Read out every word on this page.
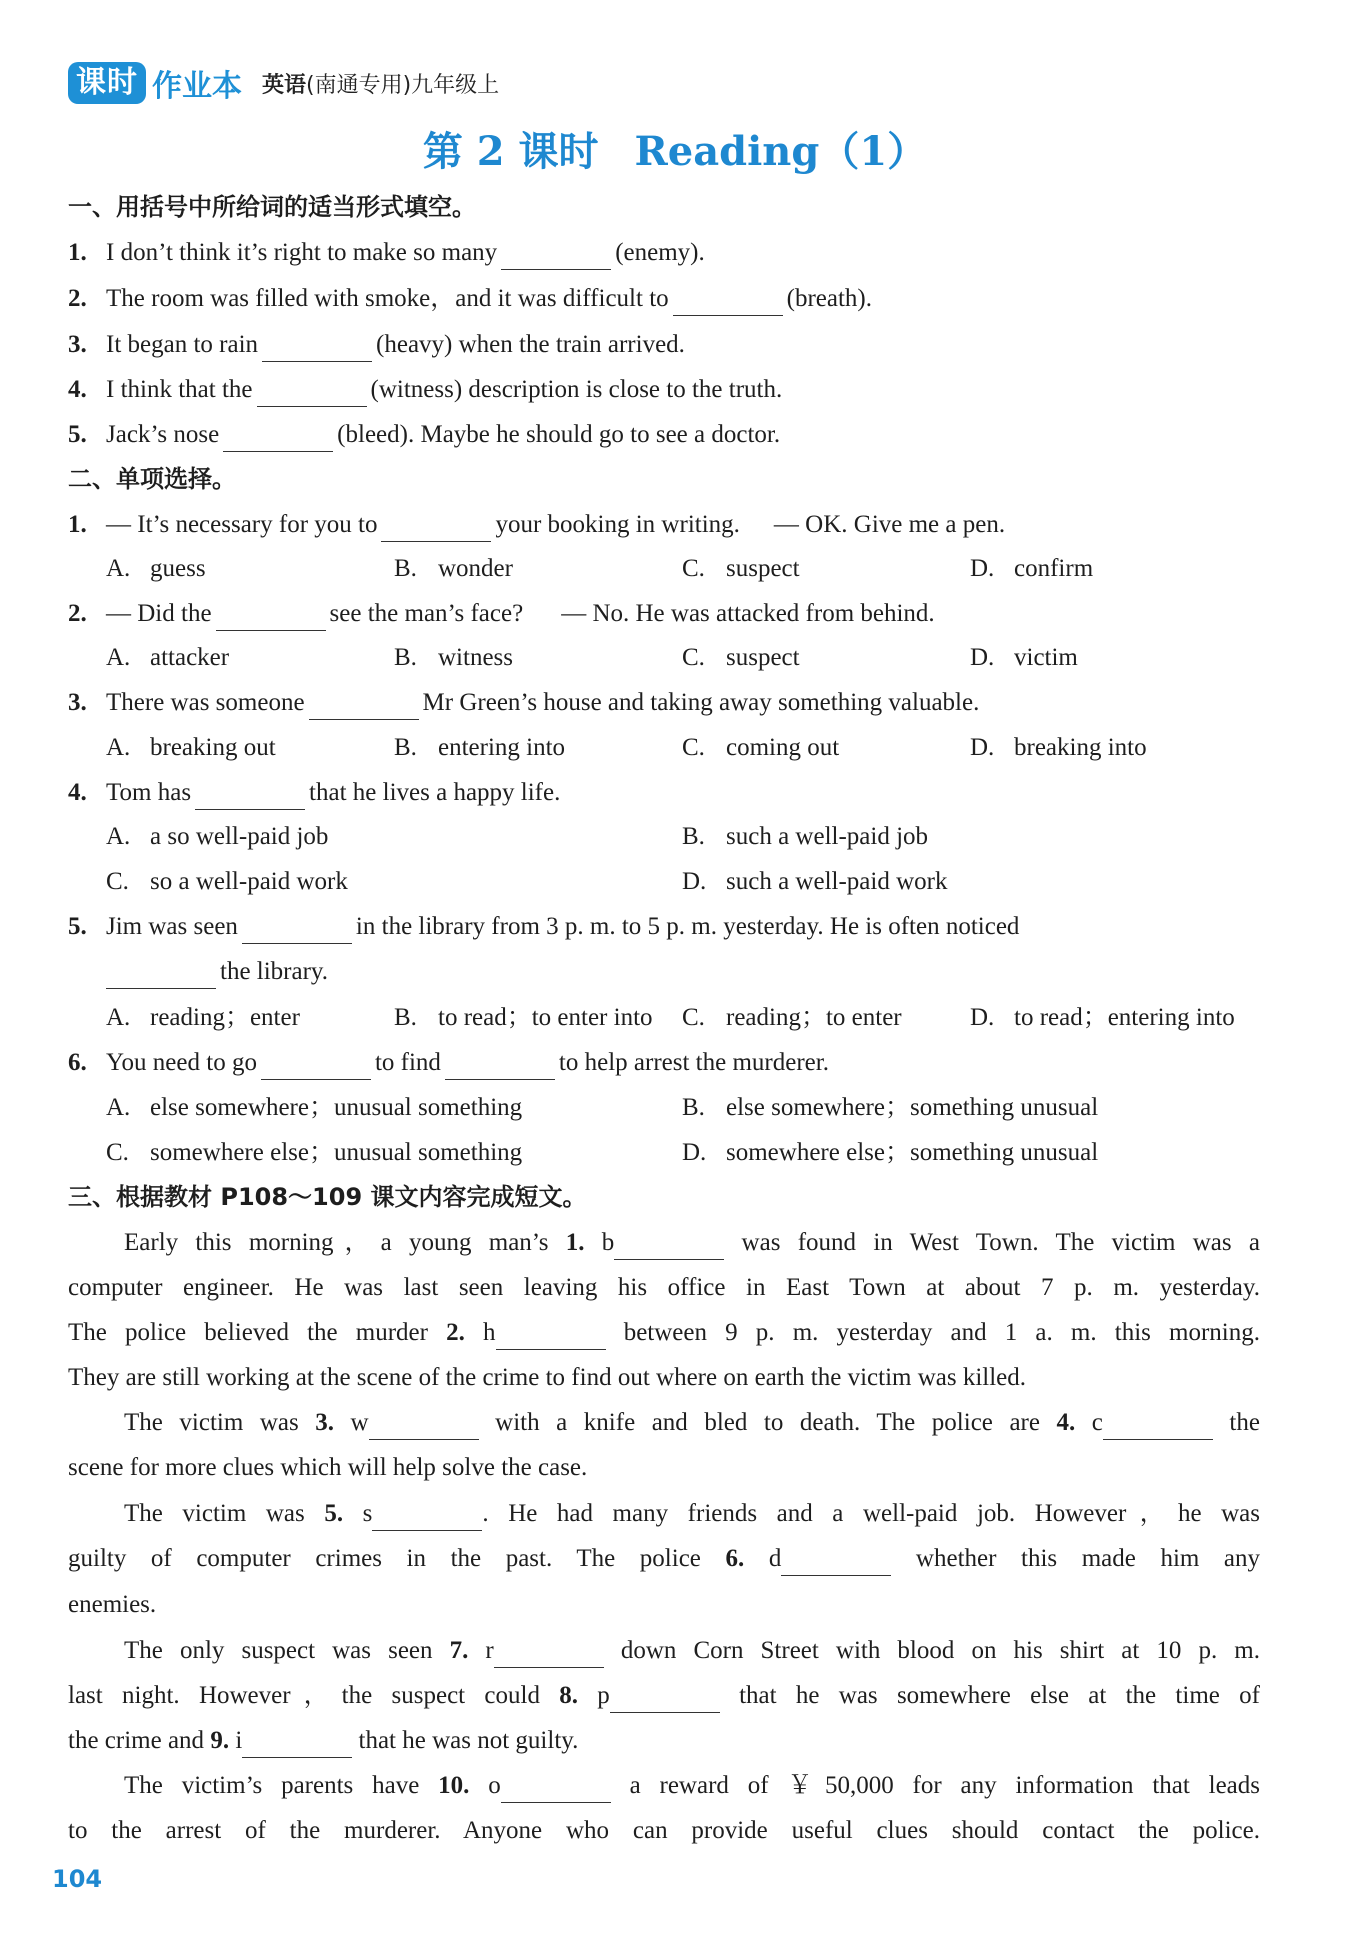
课时 作业本 英语(南通专用)九年级上
第 2 课时 Reading（1）
一、用括号中所给词的适当形式填空。
1. I don’t think it’s right to make so many	(enemy).
2. The room was filled with smoke，and it was difficult to	(breath).
3. It began to rain	(heavy) when the train arrived.
4. I think that the	(witness) description is close to the truth.
5. Jack’s nose	(bleed). Maybe he should go to see a doctor.
二、单项选择。
1. — It’s necessary for you to	your booking in writing. — OK. Give me a pen.
A. guess	B. wonder	C. suspect	D. confirm
2. — Did the	see the man’s face? — No. He was attacked from behind.
A. attacker	B. witness	C. suspect	D. victim
3. There was someone	Mr Green’s house and taking away something valuable.
A. breaking out	B. entering into	C. coming out	D. breaking into
4. Tom has	that he lives a happy life.
A. a so well-paid job	B. such a well-paid job
C. so a well-paid work	D. such a well-paid work
5. Jim was seen	in the library from 3 p. m. to 5 p. m. yesterday. He is often noticed
the library.
A. reading；enter	B. to read；to enter into C. reading；to enter	D. to read；entering into
6. You need to go	to find	to help arrest the murderer.
A. else somewhere；unusual something	B. else somewhere；something unusual
C. somewhere else；unusual something	D. somewhere else；something unusual
三、根据教材 P108～109 课文内容完成短文。
Early this morning，a young man’s 1. b	was found in West Town. The victim was a
computer engineer. He was last seen leaving his office in East Town at about 7 p. m. yesterday.
The police believed the murder 2. h	between 9 p. m. yesterday and 1 a. m. this morning.
They are still working at the scene of the crime to find out where on earth the victim was killed.
The victim was 3. w	with a knife and bled to death. The police are 4. c	the
scene for more clues which will help solve the case.
The victim was 5. s	. He had many friends and a well-paid job. However，he was
guilty of computer crimes in the past. The police 6. d	whether this made him any
enemies.
The only suspect was seen 7. r	down Corn Street with blood on his shirt at 10 p. m.
last night. However，the suspect could 8. p	that he was somewhere else at the time of
the crime and 9. i	that he was not guilty.
The victim’s parents have 10. o	a reward of ￥50,000 for any information that leads
to the arrest of the murderer. Anyone who can provide useful clues should contact the police.
104
